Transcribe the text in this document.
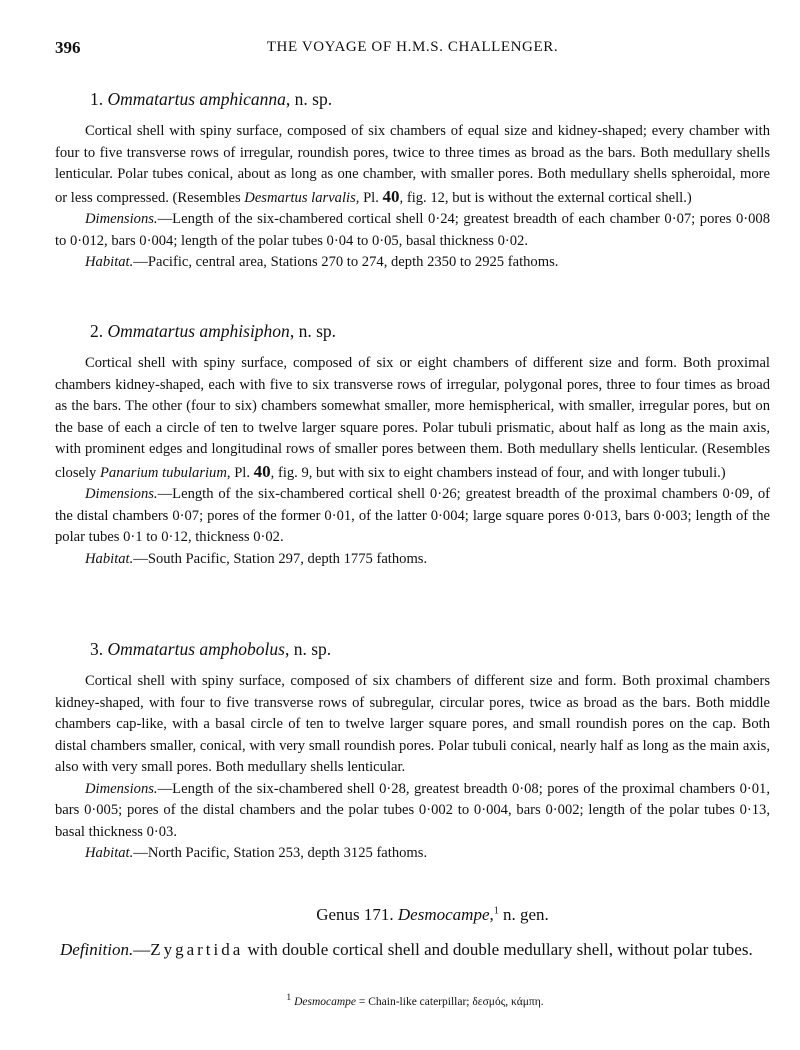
396	THE VOYAGE OF H.M.S. CHALLENGER.
1. Ommatartus amphicanna, n. sp.

Cortical shell with spiny surface, composed of six chambers of equal size and kidney-shaped; every chamber with four to five transverse rows of irregular, roundish pores, twice to three times as broad as the bars. Both medullary shells lenticular. Polar tubes conical, about as long as one chamber, with smaller pores. Both medullary shells spheroidal, more or less compressed. (Resembles Desmartus larvalis, Pl. 40, fig. 12, but is without the external cortical shell.)

Dimensions.—Length of the six-chambered cortical shell 0·24; greatest breadth of each chamber 0·07; pores 0·008 to 0·012, bars 0·004; length of the polar tubes 0·04 to 0·05, basal thickness 0·02.

Habitat.—Pacific, central area, Stations 270 to 274, depth 2350 to 2925 fathoms.

2. Ommatartus amphisiphon, n. sp.

Cortical shell with spiny surface, composed of six or eight chambers of different size and form. Both proximal chambers kidney-shaped, each with five to six transverse rows of irregular, polygonal pores, three to four times as broad as the bars. The other (four to six) chambers somewhat smaller, more hemispherical, with smaller, irregular pores, but on the base of each a circle of ten to twelve larger square pores. Polar tubuli prismatic, about half as long as the main axis, with prominent edges and longitudinal rows of smaller pores between them. Both medullary shells lenticular. (Resembles closely Panarium tubularium, Pl. 40, fig. 9, but with six to eight chambers instead of four, and with longer tubuli.)

Dimensions.—Length of the six-chambered cortical shell 0·26; greatest breadth of the proximal chambers 0·09, of the distal chambers 0·07; pores of the former 0·01, of the latter 0·004; large square pores 0·013, bars 0·003; length of the polar tubes 0·1 to 0·12, thickness 0·02.

Habitat.—South Pacific, Station 297, depth 1775 fathoms.

3. Ommatartus amphobolus, n. sp.

Cortical shell with spiny surface, composed of six chambers of different size and form. Both proximal chambers kidney-shaped, with four to five transverse rows of subregular, circular pores, twice as broad as the bars. Both middle chambers cap-like, with a basal circle of ten to twelve larger square pores, and small roundish pores on the cap. Both distal chambers smaller, conical, with very small roundish pores. Polar tubuli conical, nearly half as long as the main axis, also with very small pores. Both medullary shells lenticular.

Dimensions.—Length of the six-chambered shell 0·28, greatest breadth 0·08; pores of the proximal chambers 0·01, bars 0·005; pores of the distal chambers and the polar tubes 0·002 to 0·004, bars 0·002; length of the polar tubes 0·13, basal thickness 0·03.

Habitat.—North Pacific, Station 253, depth 3125 fathoms.

Genus 171. Desmocampe,$^1$ n. gen.
Definition.—Zygartida with double cortical shell and double medullary shell, without polar tubes.
$^1$ Desmocampe = Chain-like caterpillar; δεσμός, κάμπη.
